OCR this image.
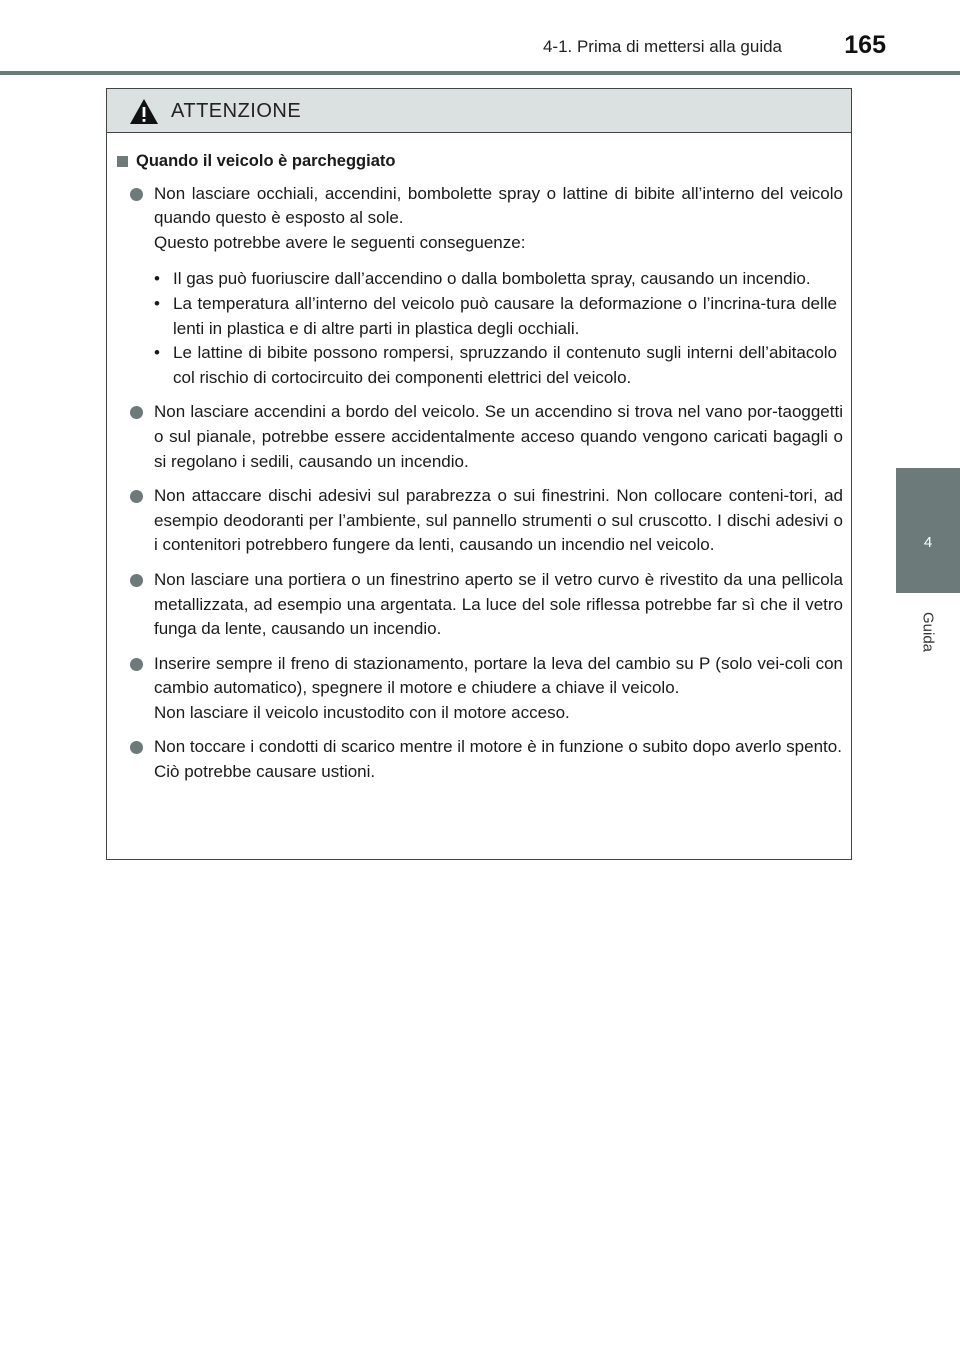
4-1. Prima di mettersi alla guida 165
4
Guida
ATTENZIONE
Quando il veicolo è parcheggiato

Non lasciare occhiali, accendini, bombolette spray o lattine di bibite all’interno del veicolo quando questo è esposto al sole.

Questo potrebbe avere le seguenti conseguenze:

• Il gas può fuoriuscire dall’accendino o dalla bomboletta spray, causando un incendio.
• La temperatura all’interno del veicolo può causare la deformazione o l’incrina-tura delle lenti in plastica e di altre parti in plastica degli occhiali.
• Le lattine di bibite possono rompersi, spruzzando il contenuto sugli interni dell’abitacolo col rischio di cortocircuito dei componenti elettrici del veicolo.

Non lasciare accendini a bordo del veicolo. Se un accendino si trova nel vano por-taoggetti o sul pianale, potrebbe essere accidentalmente acceso quando vengono caricati bagagli o si regolano i sedili, causando un incendio.

Non attaccare dischi adesivi sul parabrezza o sui finestrini. Non collocare conteni-tori, ad esempio deodoranti per l’ambiente, sul pannello strumenti o sul cruscotto. I dischi adesivi o i contenitori potrebbero fungere da lenti, causando un incendio nel veicolo.

Non lasciare una portiera o un finestrino aperto se il vetro curvo è rivestito da una pellicola metallizzata, ad esempio una argentata. La luce del sole riflessa potrebbe far sì che il vetro funga da lente, causando un incendio.

Inserire sempre il freno di stazionamento, portare la leva del cambio su P (solo vei-coli con cambio automatico), spegnere il motore e chiudere a chiave il veicolo.

Non lasciare il veicolo incustodito con il motore acceso.

Non toccare i condotti di scarico mentre il motore è in funzione o subito dopo averlo spento.

Ciò potrebbe causare ustioni.
